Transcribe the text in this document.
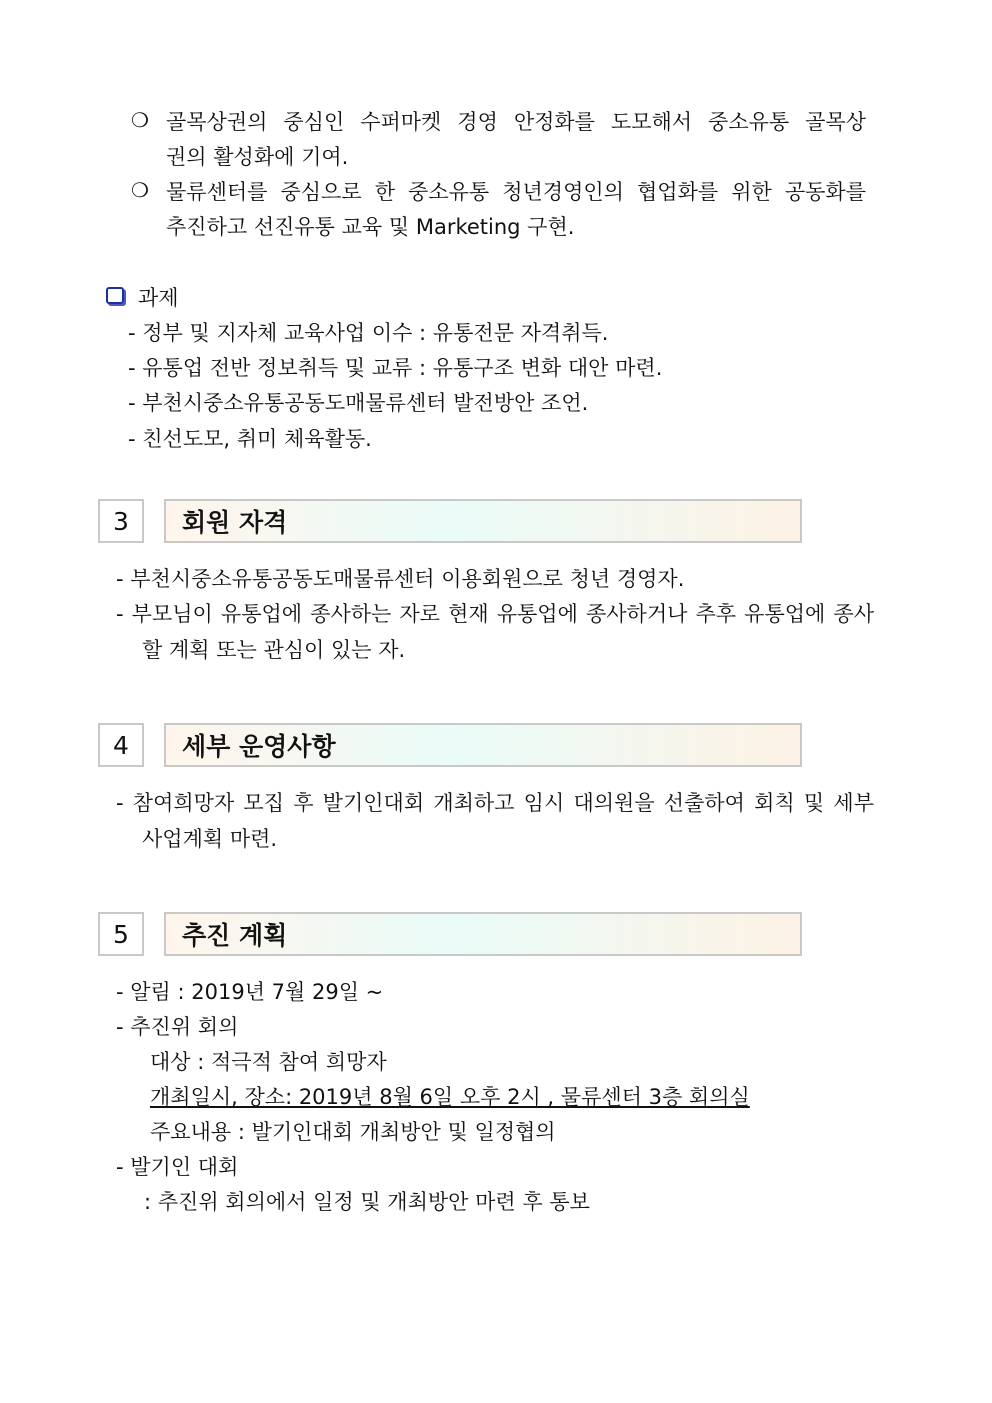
❍ 골목상권의 중심인 수퍼마켓 경영 안정화를 도모해서 중소유통 골목상
권의 활성화에 기여.
❍ 물류센터를 중심으로 한 중소유통 청년경영인의 협업화를 위한 공동화를
추진하고 선진유통 교육 및 Marketing 구현.
과제
- 정부 및 지자체 교육사업 이수 : 유통전문 자격취득.
- 유통업 전반 정보취득 및 교류 : 유통구조 변화 대안 마련.
- 부천시중소유통공동도매물류센터 발전방안 조언.
- 친선도모, 취미 체육활동.
3	회원 자격
- 부천시중소유통공동도매물류센터 이용회원으로 청년 경영자.
- 부모님이 유통업에 종사하는 자로 현재 유통업에 종사하거나 추후 유통업에 종사
할 계획 또는 관심이 있는 자.
4	세부 운영사항
- 참여희망자 모집 후 발기인대회 개최하고 임시 대의원을 선출하여 회칙 및 세부
사업계획 마련.
5	추진 계획
- 알림 : 2019년 7월 29일 ~
- 추진위 회의
대상 : 적극적 참여 희망자
개최일시, 장소: 2019년 8월 6일 오후 2시 , 물류센터 3층 회의실
주요내용 : 발기인대회 개최방안 및 일정협의
- 발기인 대회
: 추진위 회의에서 일정 및 개최방안 마련 후 통보
